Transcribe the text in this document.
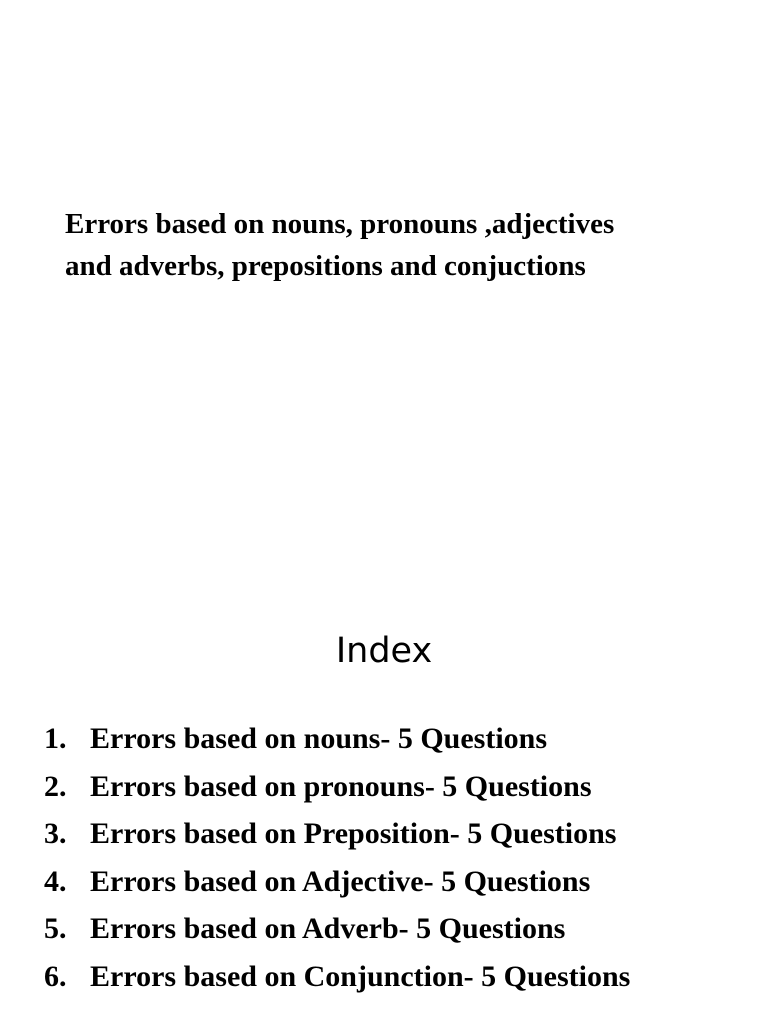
Errors based on nouns, pronouns ,adjectives
and adverbs, prepositions and conjuctions
Index
1. Errors based on nouns- 5 Questions
2. Errors based on pronouns- 5 Questions
3. Errors based on Preposition- 5 Questions
4. Errors based on Adjective- 5 Questions
5. Errors based on Adverb- 5 Questions
6. Errors based on Conjunction- 5 Questions
